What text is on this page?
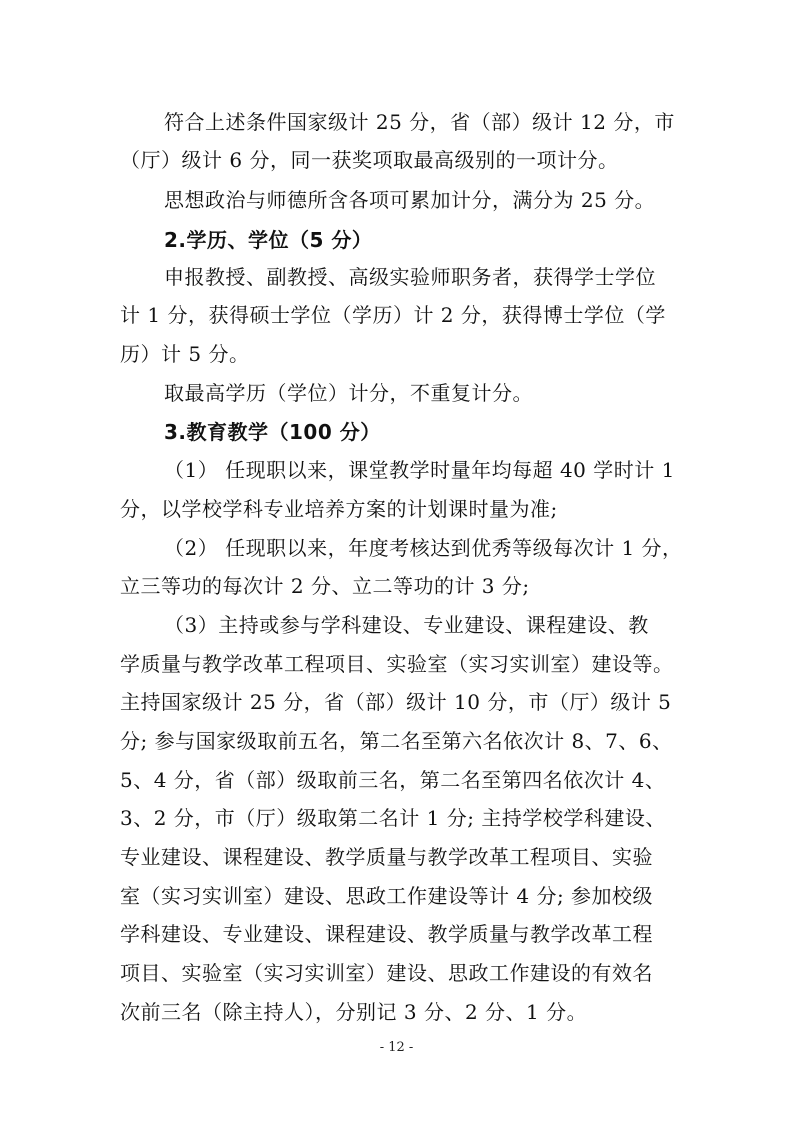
符合上述条件国家级计 25 分，省（部）级计 12 分，市
（厅）级计 6 分，同一获奖项取最高级别的一项计分。
思想政治与师德所含各项可累加计分，满分为 25 分。
2.学历、学位（5 分）
申报教授、副教授、高级实验师职务者，获得学士学位
计 1 分，获得硕士学位（学历）计 2 分，获得博士学位（学
历）计 5 分。
取最高学历（学位）计分，不重复计分。
3.教育教学（100 分）
（1） 任现职以来，课堂教学时量年均每超 40 学时计 1
分，以学校学科专业培养方案的计划课时量为准;
（2） 任现职以来，年度考核达到优秀等级每次计 1 分，
立三等功的每次计 2 分、立二等功的计 3 分;
（3）主持或参与学科建设、专业建设、课程建设、教
学质量与教学改革工程项目、实验室（实习实训室）建设等。
主持国家级计 25 分，省（部）级计 10 分，市（厅）级计 5
分; 参与国家级取前五名，第二名至第六名依次计 8、7、6、
5、4 分，省（部）级取前三名，第二名至第四名依次计 4、
3、2 分，市（厅）级取第二名计 1 分; 主持学校学科建设、
专业建设、课程建设、教学质量与教学改革工程项目、实验
室（实习实训室）建设、思政工作建设等计 4 分; 参加校级
学科建设、专业建设、课程建设、教学质量与教学改革工程
项目、实验室（实习实训室）建设、思政工作建设的有效名
次前三名（除主持人），分别记 3 分、2 分、1 分。
- 12 -
